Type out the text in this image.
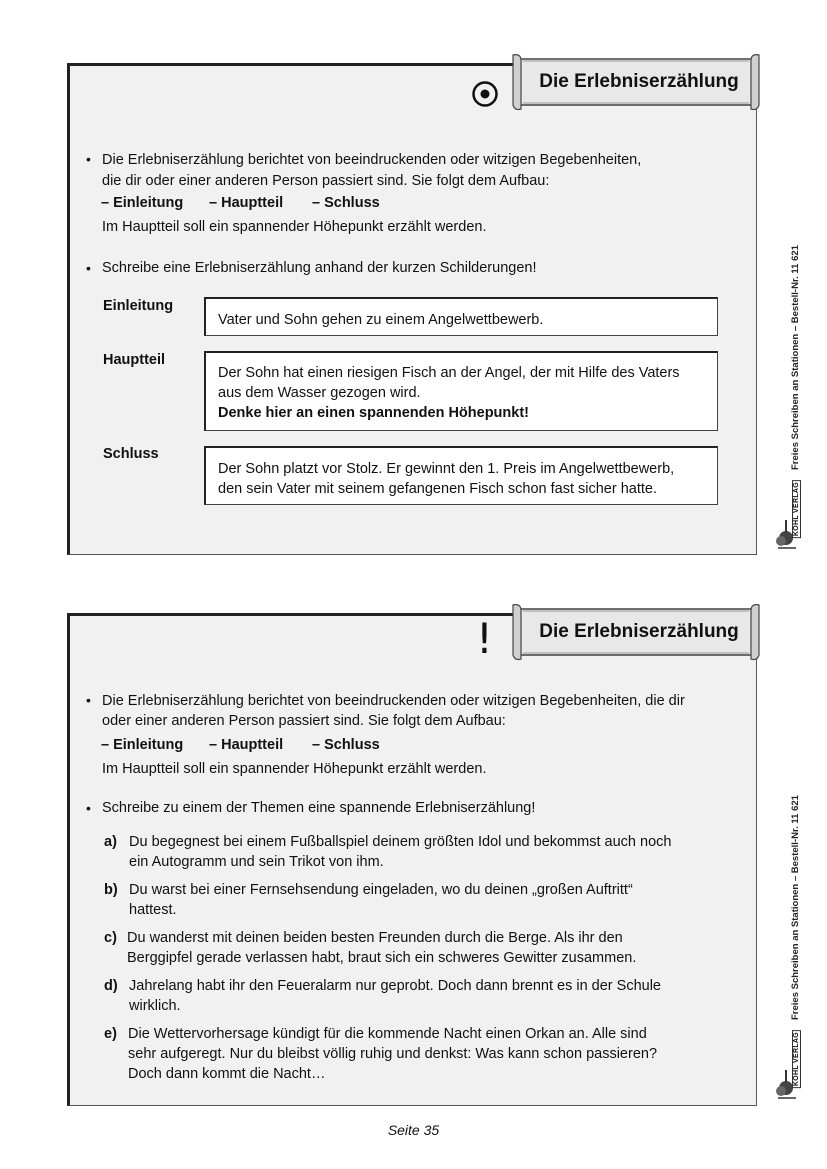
Die Erlebniserzählung
• Die Erlebniserzählung berichtet von beeindruckenden oder witzigen Begebenheiten,
die dir oder einer anderen Person passiert sind. Sie folgt dem Aufbau:
– Einleitung – Hauptteil – Schluss
Im Hauptteil soll ein spannender Höhepunkt erzählt werden.
• Schreibe eine Erlebniserzählung anhand der kurzen Schilderungen!
Einleitung
Vater und Sohn gehen zu einem Angelwettbewerb.
Hauptteil
Der Sohn hat einen riesigen Fisch an der Angel, der mit Hilfe des Vaters
aus dem Wasser gezogen wird.
Denke hier an einen spannenden Höhepunkt!
Schluss
Der Sohn platzt vor Stolz. Er gewinnt den 1. Preis im Angelwettbewerb,
den sein Vater mit seinem gefangenen Fisch schon fast sicher hatte.
Die Erlebniserzählung
!
• Die Erlebniserzählung berichtet von beeindruckenden oder witzigen Begebenheiten, die dir
oder einer anderen Person passiert sind. Sie folgt dem Aufbau:
– Einleitung – Hauptteil – Schluss
Im Hauptteil soll ein spannender Höhepunkt erzählt werden.
• Schreibe zu einem der Themen eine spannende Erlebniserzählung!
a) Du begegnest bei einem Fußballspiel deinem größten Idol und bekommst auch noch
ein Autogramm und sein Trikot von ihm.
b) Du warst bei einer Fernsehsendung eingeladen, wo du deinen „großen Auftritt“
hattest.
c) Du wanderst mit deinen beiden besten Freunden durch die Berge. Als ihr den
Berggipfel gerade verlassen habt, braut sich ein schweres Gewitter zusammen.
d) Jahrelang habt ihr den Feueralarm nur geprobt. Doch dann brennt es in der Schule
wirklich.
e) Die Wettervorhersage kündigt für die kommende Nacht einen Orkan an. Alle sind
sehr aufgeregt. Nur du bleibst völlig ruhig und denkst: Was kann schon passieren?
Doch dann kommt die Nacht…
Freies Schreiben an Stationen – Bestell-Nr. 11 621
KOHL VERLAG
Freies Schreiben an Stationen – Bestell-Nr. 11 621
KOHL VERLAG
Seite 35
